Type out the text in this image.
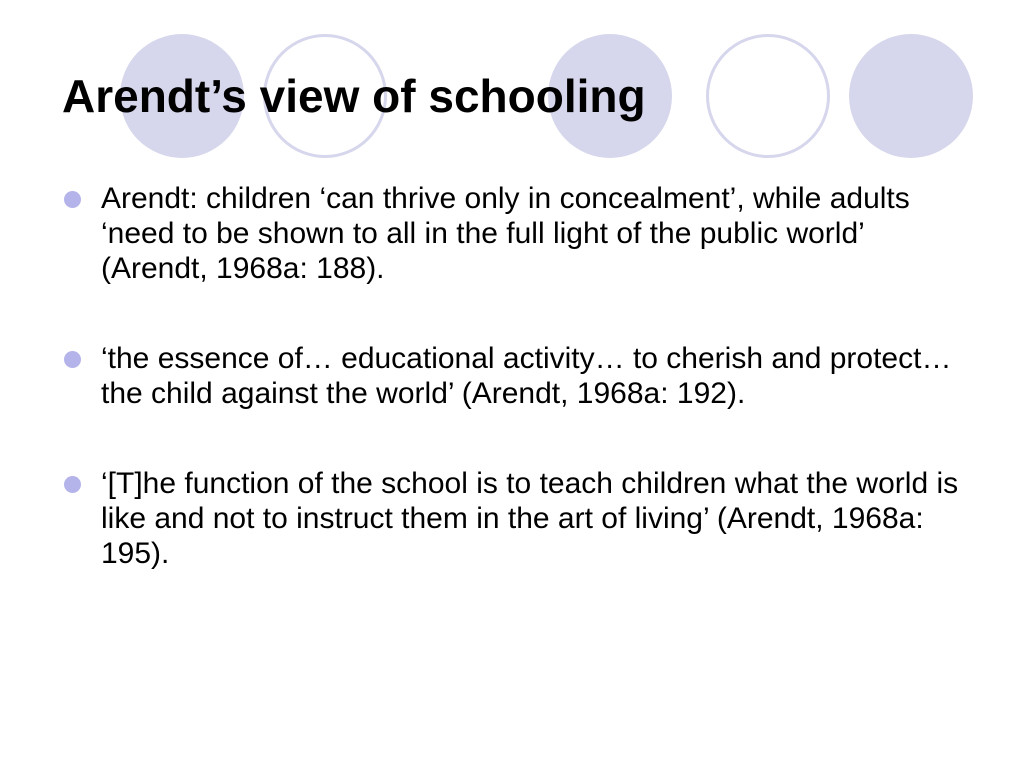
Arendt’s view of schooling
Arendt: children ‘can thrive only in concealment’, while adults ‘need to be shown to all in the full light of the public world’ (Arendt, 1968a: 188).
‘the essence of… educational activity… to cherish and protect… the child against the world’ (Arendt, 1968a: 192).
‘[T]he function of the school is to teach children what the world is like and not to instruct them in the art of living’ (Arendt, 1968a: 195).
